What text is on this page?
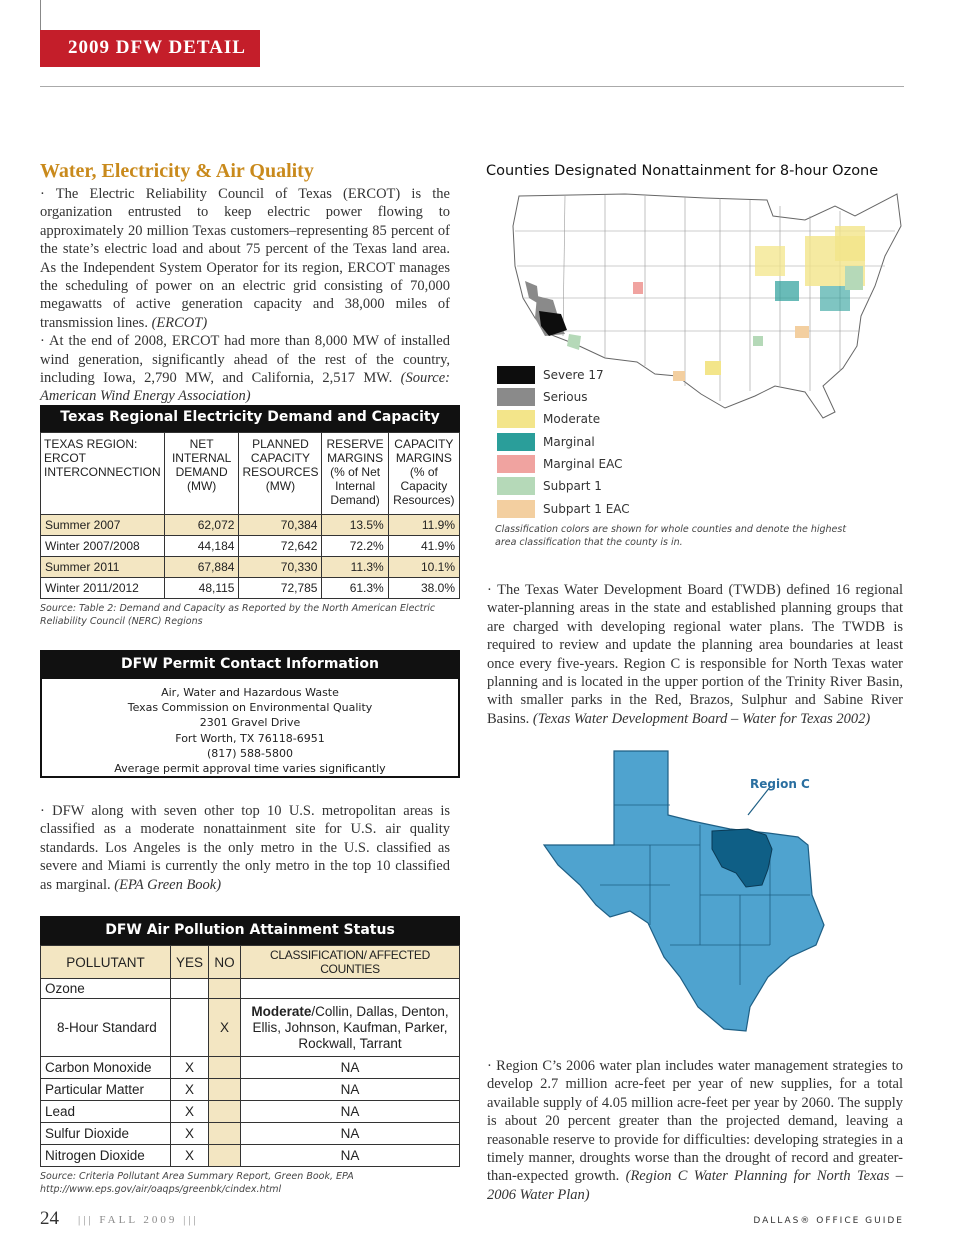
2009 DFW DETAIL
Water, Electricity & Air Quality
· The Electric Reliability Council of Texas (ERCOT) is the organization entrusted to keep electric power flowing to approximately 20 million Texas customers–representing 85 percent of the state’s electric load and about 75 percent of the Texas land area. As the Independent System Operator for its region, ERCOT manages the scheduling of power on an electric grid consisting of 70,000 megawatts of active generation capacity and 38,000 miles of transmission lines. (ERCOT)
· At the end of 2008, ERCOT had more than 8,000 MW of installed wind generation, significantly ahead of the rest of the country, including Iowa, 2,790 MW, and California, 2,517 MW. (Source: American Wind Energy Association)
Texas Regional Electricity Demand and Capacity
TEXAS REGION: ERCOT INTERCONNECTION	NET INTERNAL DEMAND (MW)	PLANNED CAPACITY RESOURCES (MW)	RESERVE MARGINS (% of Net Internal Demand)	CAPACITY MARGINS (% of Capacity Resources)
Summer 2007	62,072	70,384	13.5%	11.9%
Winter 2007/2008	44,184	72,642	72.2%	41.9%
Summer 2011	67,884	70,330	11.3%	10.1%
Winter 2011/2012	48,115	72,785	61.3%	38.0%
Source: Table 2: Demand and Capacity as Reported by the North American Electric Reliability Council (NERC) Regions
DFW Permit Contact Information
Air, Water and Hazardous Waste
Texas Commission on Environmental Quality
2301 Gravel Drive
Fort Worth, TX 76118-6951
(817) 588-5800
Average permit approval time varies significantly
· DFW along with seven other top 10 U.S. metropolitan areas is classified as a moderate nonattainment site for U.S. air quality standards. Los Angeles is the only metro in the U.S. classified as severe and Miami is currently the only metro in the top 10 classified as marginal. (EPA Green Book)
DFW Air Pollution Attainment Status
POLLUTANT	YES	NO	CLASSIFICATION/ AFFECTED COUNTIES
Ozone			
8-Hour Standard		X	Moderate/Collin, Dallas, Denton, Ellis, Johnson, Kaufman, Parker, Rockwall, Tarrant
Carbon Monoxide	X		NA
Particular Matter	X		NA
Lead	X		NA
Sulfur Dioxide	X		NA
Nitrogen Dioxide	X		NA
Source: Criteria Pollutant Area Summary Report, Green Book, EPA http://www.eps.gov/air/oaqps/greenbk/cindex.html
Counties Designated Nonattainment for 8-hour Ozone
Severe 17
Serious
Moderate
Marginal
Marginal EAC
Subpart 1
Subpart 1 EAC
Classification colors are shown for whole counties and denote the highest area classification that the county is in.
· The Texas Water Development Board (TWDB) defined 16 regional water-planning areas in the state and established planning groups that are charged with developing regional water plans. The TWDB is required to review and update the planning area boundaries at least once every five-years. Region C is responsible for North Texas water planning and is located in the upper portion of the Trinity River Basin, with smaller parks in the Red, Brazos, Sulphur and Sabine River Basins. (Texas Water Development Board – Water for Texas 2002)
Region C
· Region C’s 2006 water plan includes water management strategies to develop 2.7 million acre-feet per year of new supplies, for a total available supply of 4.05 million acre-feet per year by 2060. The supply is about 20 percent greater than the projected demand, leaving a reasonable reserve to provide for difficulties: developing strategies in a timely manner, droughts worse than the drought of record and greater-than-expected growth. (Region C Water Planning for North Texas – 2006 Water Plan)
24 ||| FALL 2009 |||	DALLAS® OFFICE GUIDE
